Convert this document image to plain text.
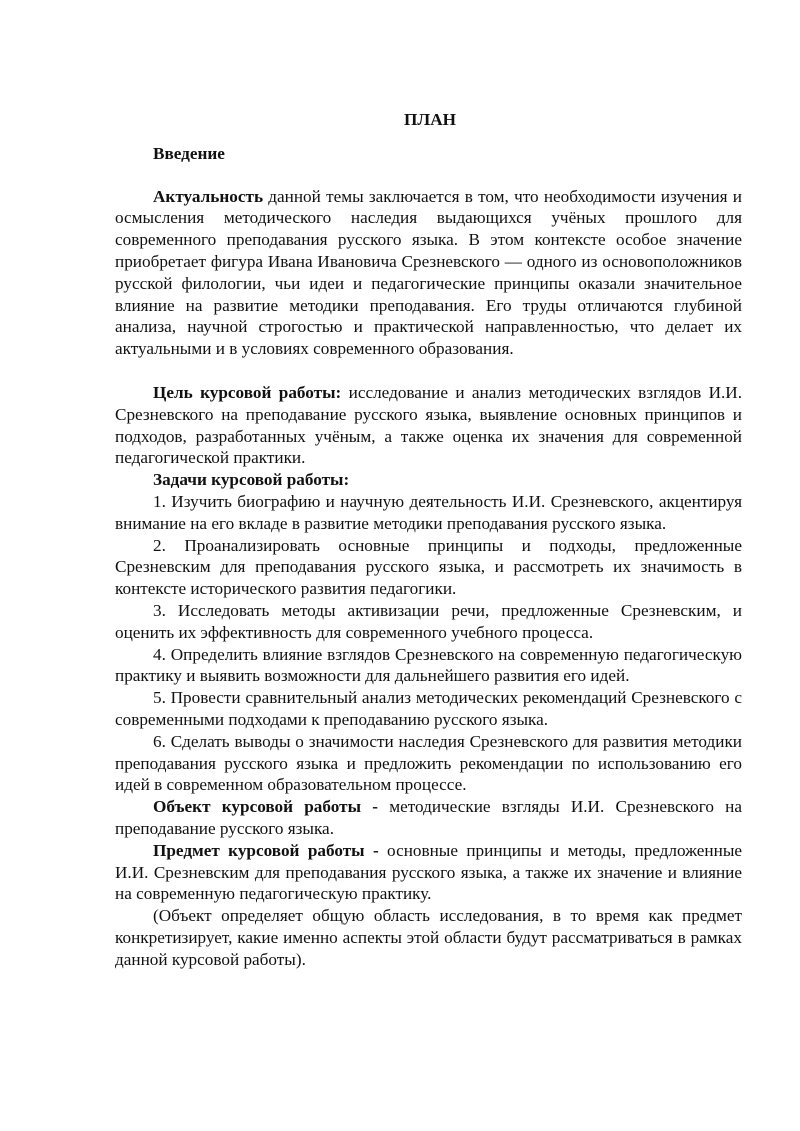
ПЛАН
Введение

Актуальность данной темы заключается в том, что необходимости изучения и осмысления методического наследия выдающихся учёных прошлого для современного преподавания русского языка. В этом контексте особое значение приобретает фигура Ивана Ивановича Срезневского — одного из основоположников русской филологии, чьи идеи и педагогические принципы оказали значительное влияние на развитие методики преподавания. Его труды отличаются глубиной анализа, научной строгостью и практической направленностью, что делает их актуальными и в условиях современного образования.

Цель курсовой работы: исследование и анализ методических взглядов И.И. Срезневского на преподавание русского языка, выявление основных принципов и подходов, разработанных учёным, а также оценка их значения для современной педагогической практики.

Задачи курсовой работы:

1. Изучить биографию и научную деятельность И.И. Срезневского, акцентируя внимание на его вкладе в развитие методики преподавания русского языка.

2. Проанализировать основные принципы и подходы, предложенные Срезневским для преподавания русского языка, и рассмотреть их значимость в контексте исторического развития педагогики.

3. Исследовать методы активизации речи, предложенные Срезневским, и оценить их эффективность для современного учебного процесса.

4. Определить влияние взглядов Срезневского на современную педагогическую практику и выявить возможности для дальнейшего развития его идей.

5. Провести сравнительный анализ методических рекомендаций Срезневского с современными подходами к преподаванию русского языка.

6. Сделать выводы о значимости наследия Срезневского для развития методики преподавания русского языка и предложить рекомендации по использованию его идей в современном образовательном процессе.

Объект курсовой работы - методические взгляды И.И. Срезневского на преподавание русского языка.

Предмет курсовой работы - основные принципы и методы, предложенные И.И. Срезневским для преподавания русского языка, а также их значение и влияние на современную педагогическую практику.

(Объект определяет общую область исследования, в то время как предмет конкретизирует, какие именно аспекты этой области будут рассматриваться в рамках данной курсовой работы).
